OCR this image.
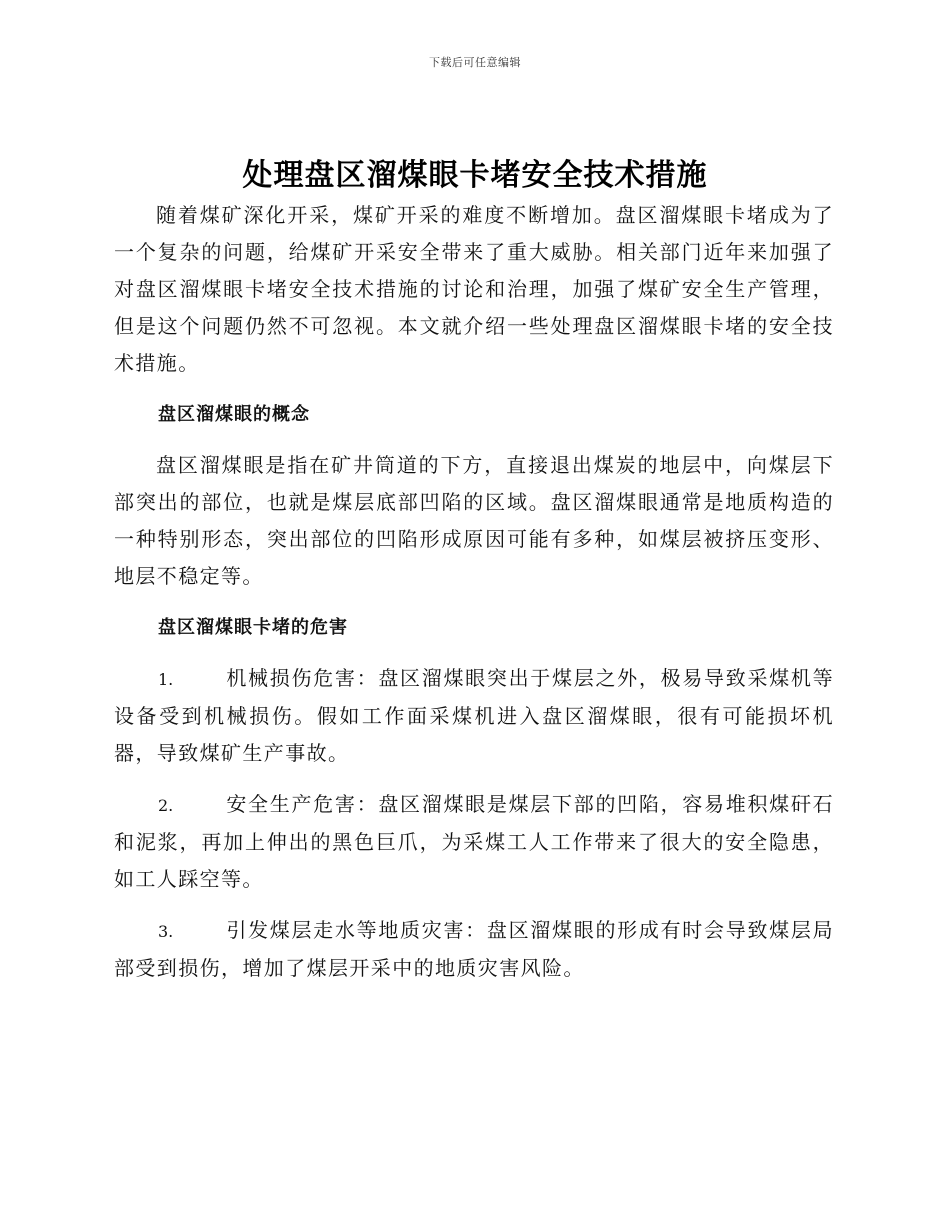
下载后可任意编辑
处理盘区溜煤眼卡堵安全技术措施

随着煤矿深化开采，煤矿开采的难度不断增加。盘区溜煤眼卡堵成为了一个复杂的问题，给煤矿开采安全带来了重大威胁。相关部门近年来加强了对盘区溜煤眼卡堵安全技术措施的讨论和治理，加强了煤矿安全生产管理，但是这个问题仍然不可忽视。本文就介绍一些处理盘区溜煤眼卡堵的安全技术措施。

盘区溜煤眼的概念

盘区溜煤眼是指在矿井筒道的下方，直接退出煤炭的地层中，向煤层下部突出的部位，也就是煤层底部凹陷的区域。盘区溜煤眼通常是地质构造的一种特别形态，突出部位的凹陷形成原因可能有多种，如煤层被挤压变形、地层不稳定等。

盘区溜煤眼卡堵的危害

1.	机械损伤危害：盘区溜煤眼突出于煤层之外，极易导致采煤机等设备受到机械损伤。假如工作面采煤机进入盘区溜煤眼，很有可能损坏机器，导致煤矿生产事故。

2.	安全生产危害：盘区溜煤眼是煤层下部的凹陷，容易堆积煤矸石和泥浆，再加上伸出的黑色巨爪，为采煤工人工作带来了很大的安全隐患，如工人踩空等。

3.	引发煤层走水等地质灾害：盘区溜煤眼的形成有时会导致煤层局部受到损伤，增加了煤层开采中的地质灾害风险。
